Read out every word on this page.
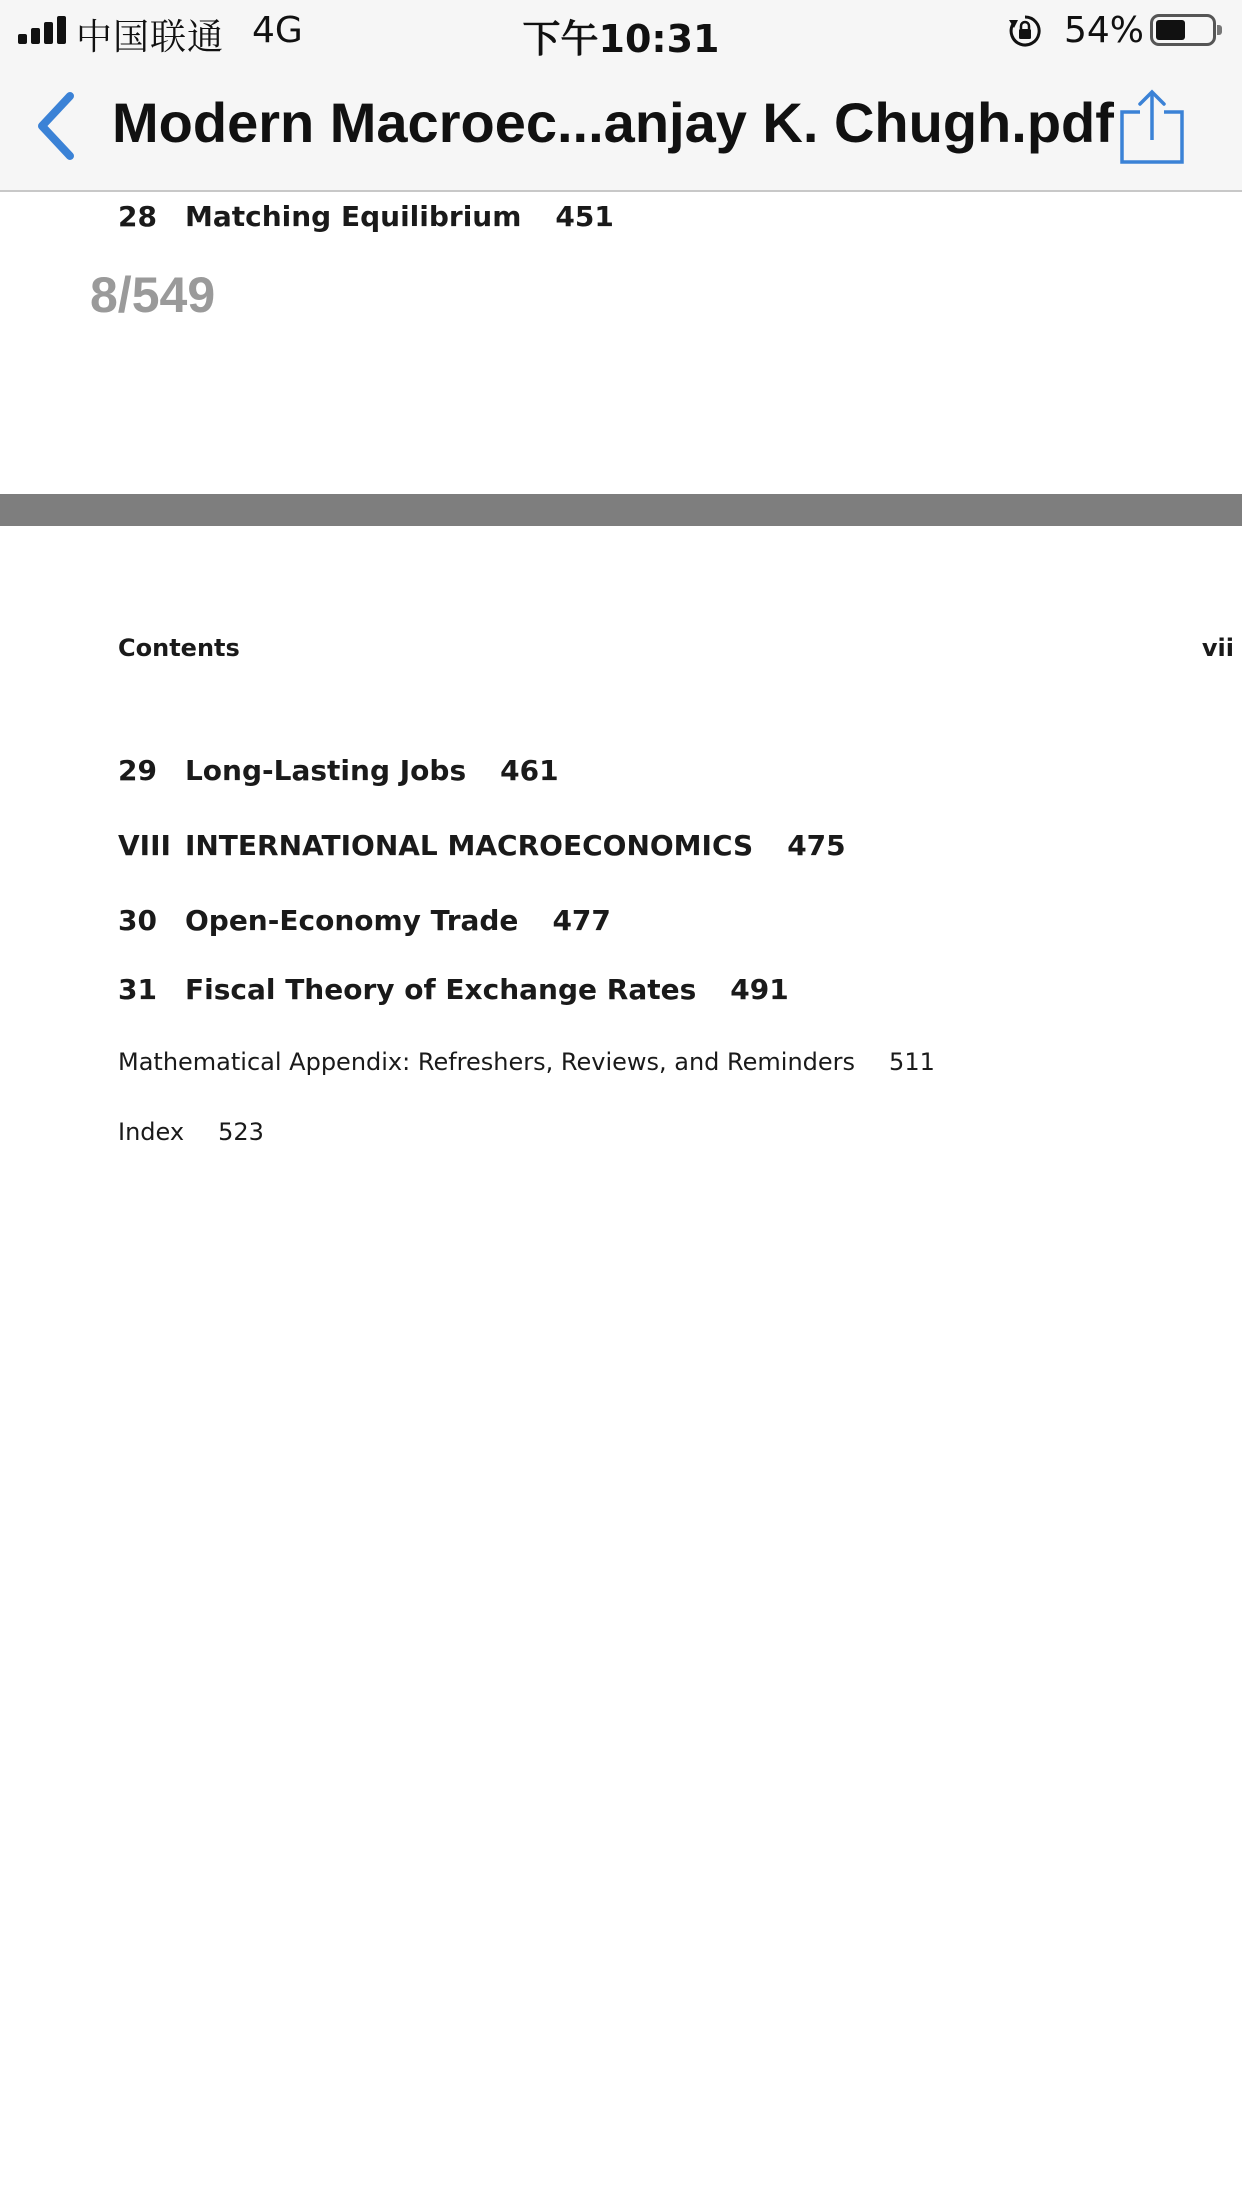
中国联通 4G	下午10:31	54%
Modern Macroec...anjay K. Chugh.pdf
28 Matching Equilibrium 451
8/549
Contents	vii
29 Long-Lasting Jobs 461
VIII INTERNATIONAL MACROECONOMICS 475
30 Open-Economy Trade 477
31 Fiscal Theory of Exchange Rates 491
Mathematical Appendix: Refreshers, Reviews, and Reminders 511
Index 523
